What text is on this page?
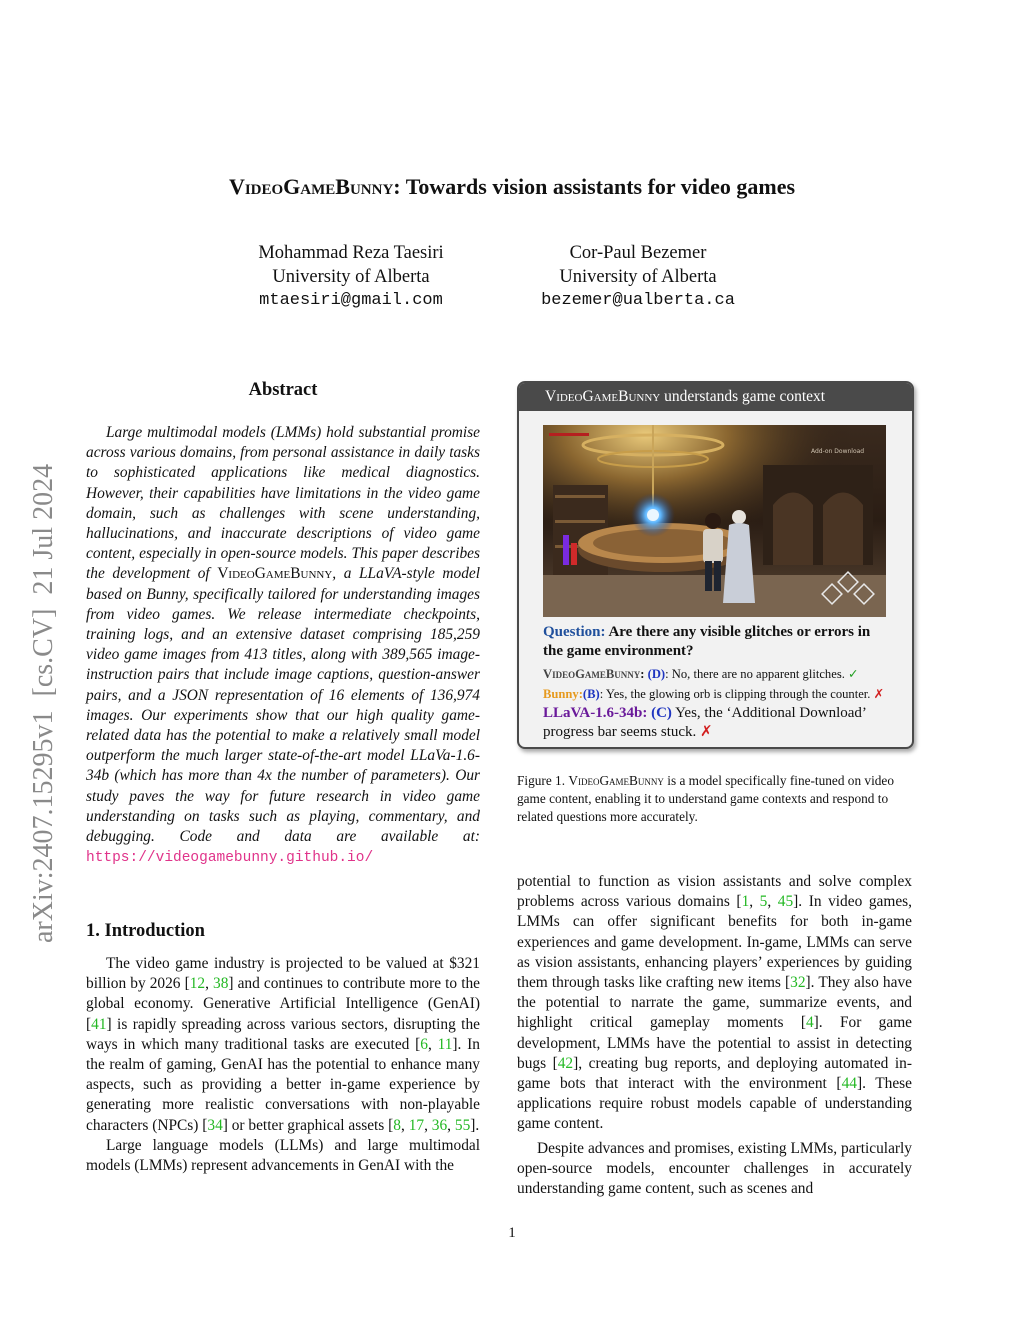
VideoGameBunny: Towards vision assistants for video games
Mohammad Reza Taesiri
University of Alberta
mtaesiri@gmail.com
Cor-Paul Bezemer
University of Alberta
bezemer@ualberta.ca
arXiv:2407.15295v1  [cs.CV]  21 Jul 2024
Abstract

Large multimodal models (LMMs) hold substantial promise across various domains, from personal assistance in daily tasks to sophisticated applications like medical diagnostics. However, their capabilities have limitations in the video game domain, such as challenges with scene understanding, hallucinations, and inaccurate descriptions of video game content, especially in open-source models. This paper describes the development of VideoGameBunny, a LLaVA-style model based on Bunny, specifically tailored for understanding images from video games. We release intermediate checkpoints, training logs, and an extensive dataset comprising 185,259 video game images from 413 titles, along with 389,565 image-instruction pairs that include image captions, question-answer pairs, and a JSON representation of 16 elements of 136,974 images. Our experiments show that our high quality game-related data has the potential to make a relatively small model outperform the much larger state-of-the-art model LLaVa-1.6-34b (which has more than 4x the number of parameters). Our study paves the way for future research in video game understanding on tasks such as playing, commentary, and debugging. Code and data are available at: https://videogamebunny.github.io/

1. Introduction

The video game industry is projected to be valued at $321 billion by 2026 [12, 38] and continues to contribute more to the global economy. Generative Artificial Intelligence (GenAI) [41] is rapidly spreading across various sectors, disrupting the ways in which many traditional tasks are executed [6, 11]. In the realm of gaming, GenAI has the potential to enhance many aspects, such as providing a better in-game experience by generating more realistic conversations with non-playable characters (NPCs) [34] or better graphical assets [8, 17, 36, 55].

Large language models (LLMs) and large multimodal models (LMMs) represent advancements in GenAI with the

potential to function as vision assistants and solve complex problems across various domains [1, 5, 45]. In video games, LMMs can offer significant benefits for both in-game experiences and game development. In-game, LMMs can serve as vision assistants, enhancing players’ experiences by guiding them through tasks like crafting new items [32]. They also have the potential to narrate the game, summarize events, and highlight critical gameplay moments [4]. For game development, LMMs have the potential to assist in detecting bugs [42], creating bug reports, and deploying automated in-game bots that interact with the environment [44]. These applications require robust models capable of understanding game content.

Despite advances and promises, existing LMMs, particularly open-source models, encounter challenges in accurately understanding game content, such as scenes and

VideoGameBunny understands game context
Add-on Download
Question: Are there any visible glitches or errors in the game environment?
VideoGameBunny: (D): No, there are no apparent glitches. ✓
Bunny:(B): Yes, the glowing orb is clipping through the counter. ✗
LLaVA-1.6-34b: (C) Yes, the ‘Additional Download’ progress bar seems stuck. ✗
Figure 1. VideoGameBunny is a model specifically fine-tuned on video game content, enabling it to understand game contexts and respond to related questions more accurately.
1
